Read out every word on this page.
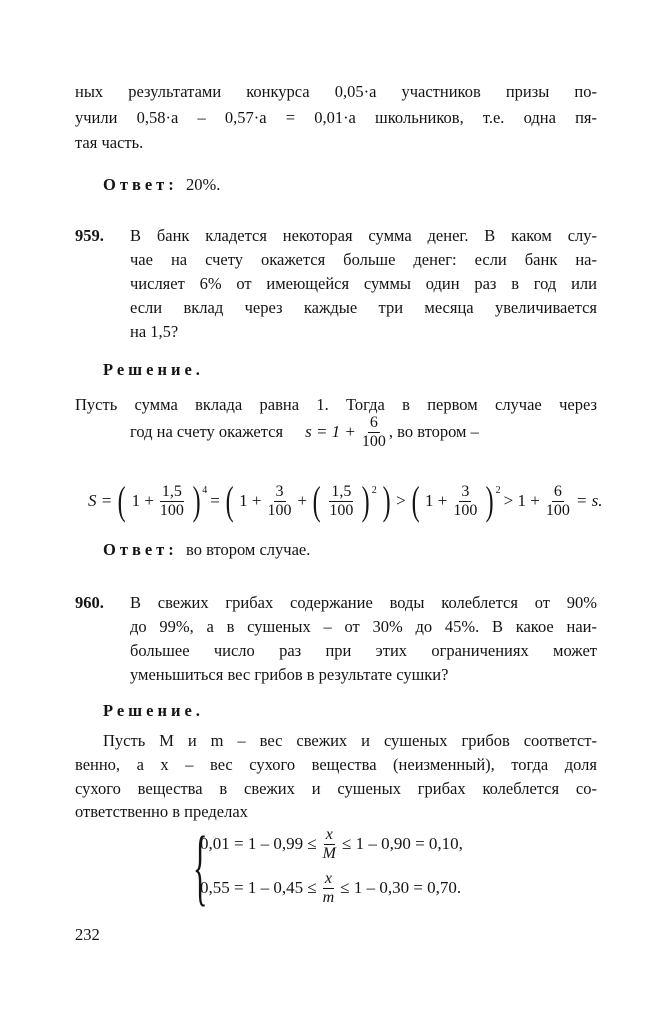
ных результатами конкурса 0,05·a участников призы по-
учили 0,58·a – 0,57·a = 0,01·a школьников, т.е. одна пя-
тая часть.
Ответ: 20%.
959. В банк кладется некоторая сумма денег. В каком слу-
чае на счету окажется больше денег: если банк на-
числяет 6% от имеющейся суммы один раз в год или
если вклад через каждые три месяца увеличивается
на 1,5?
Решение.
Пусть сумма вклада равна 1. Тогда в первом случае через
год на счету окажется $s = 1 + \frac{6}{100}$ , во втором –
S = ( $1 + \frac{1,5}{100}$ ) 4
= ( $1 + \frac{3}{100}$ + ( $\frac{1,5}{100}$ ) 2 ) > ( $1 + \frac{3}{100}$ ) 2
> $1 + \frac{6}{100} = s$.
Ответ: во втором случае.
960. В свежих грибах содержание воды колеблется от 90%
до 99%, а в сушеных – от 30% до 45%. В какое наи-
большее число раз при этих ограничениях может
уменьшиться вес грибов в результате сушки?
Решение.
Пусть M и m – вес свежих и сушеных грибов соответст-
венно, а x – вес сухого вещества (неизменный), тогда доля
сухого вещества в свежих и сушеных грибах колеблется со-
ответственно в пределах
{
$0,01 = 1 - 0,99 \le \frac{x}{M} \le 1 - 0,90 = 0,10$,
$0,55 = 1 - 0,45 \le \frac{x}{m} \le 1 - 0,30 = 0,70$.
232
